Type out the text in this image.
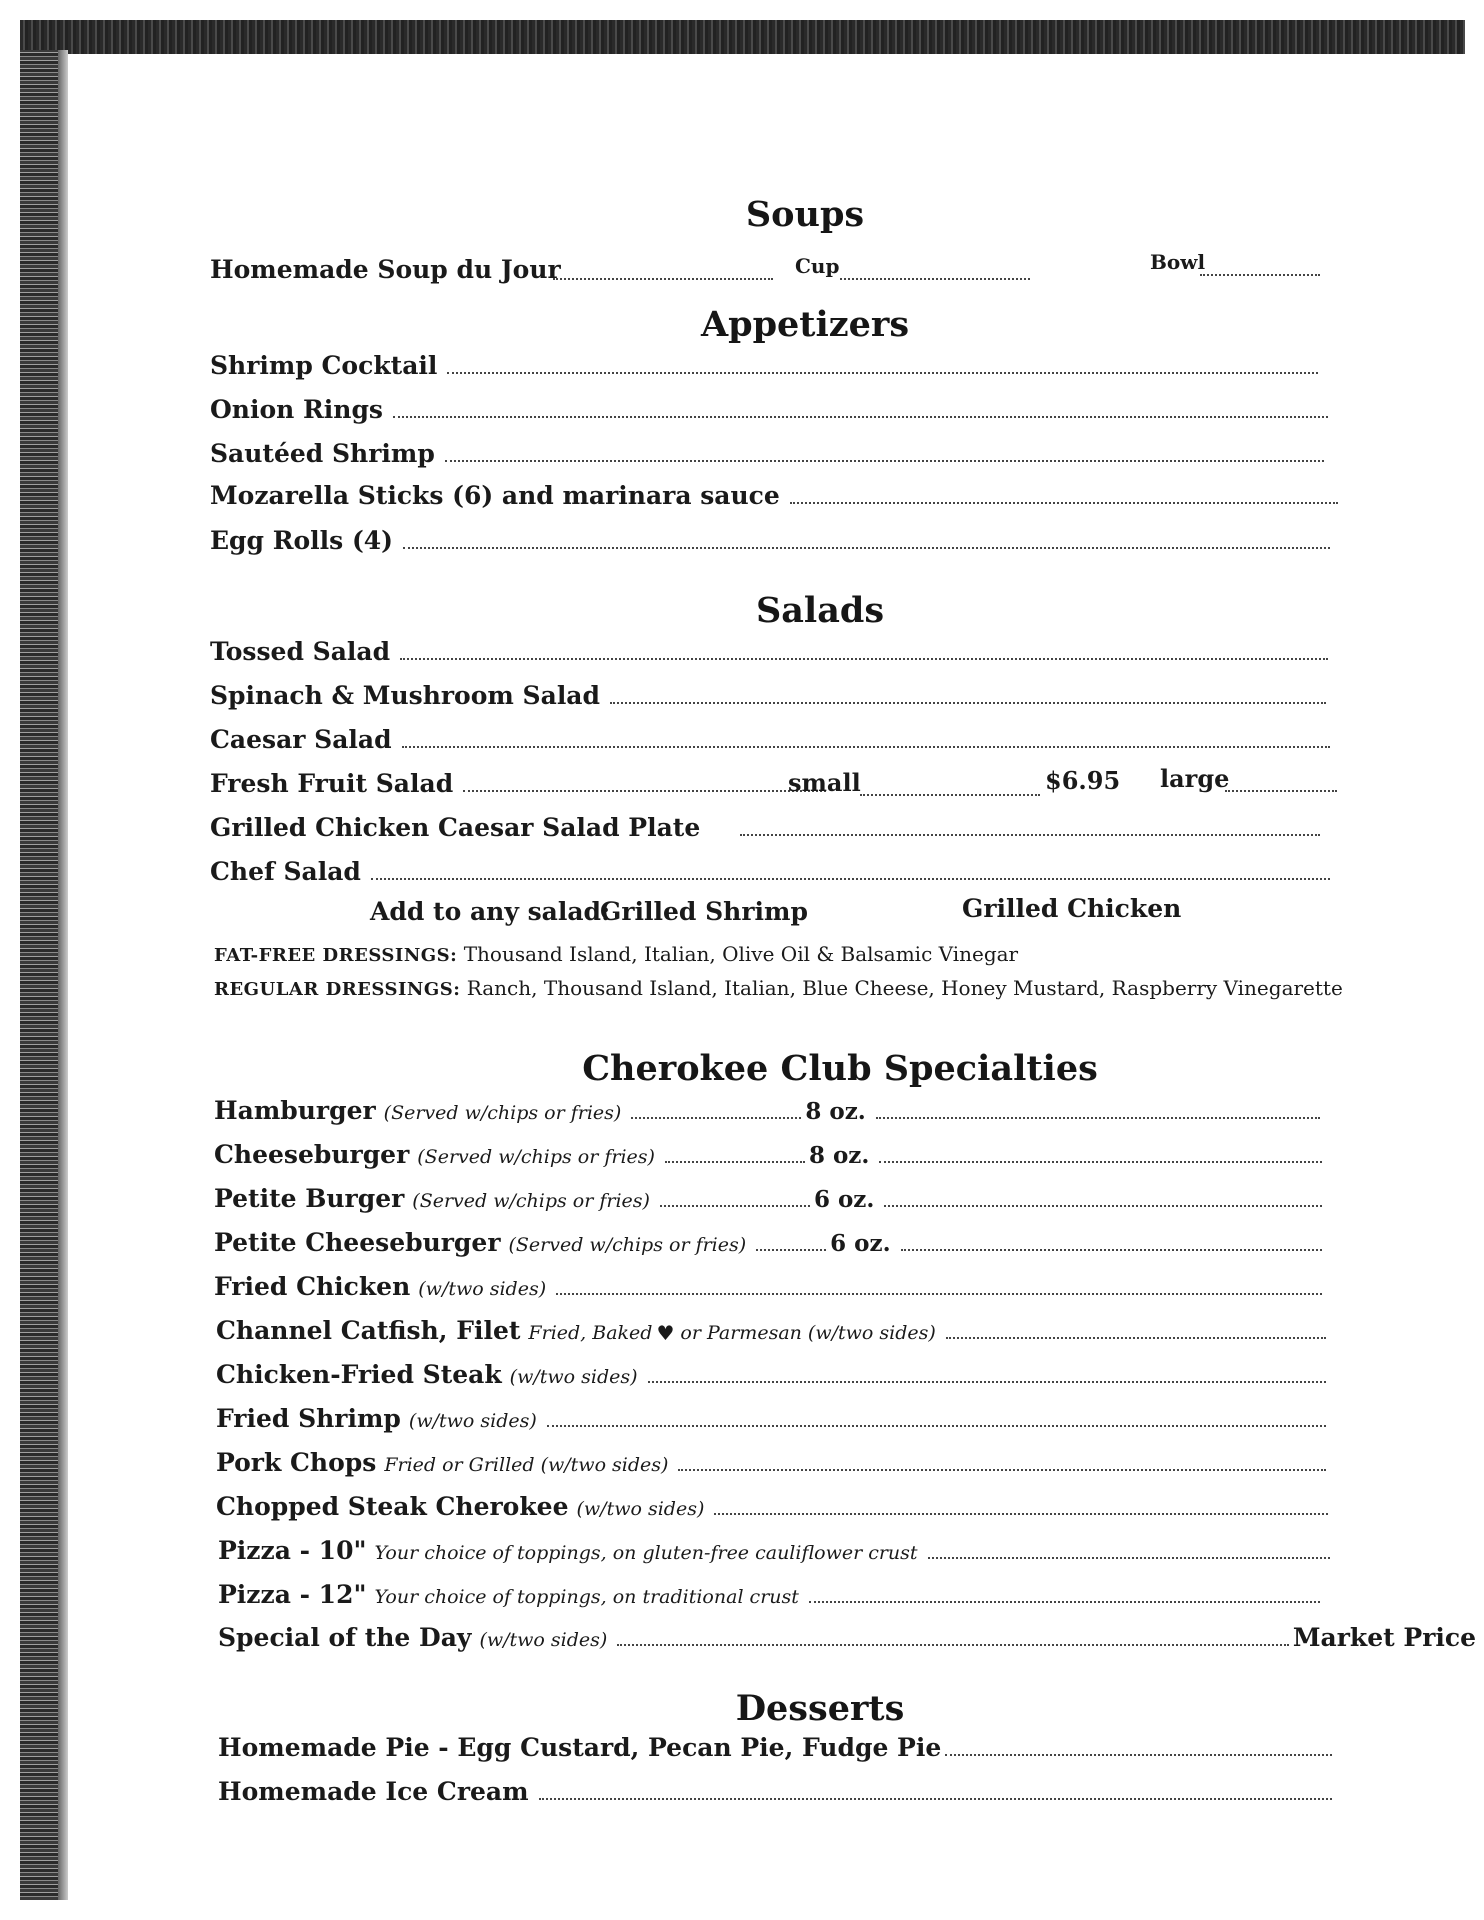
Soups
Homemade Soup du Jour	Cup	Bowl
Appetizers
Shrimp Cocktail
Onion Rings
Sautéed Shrimp
Mozarella Sticks (6) and marinara sauce
Egg Rolls (4)
Salads
Tossed Salad
Spinach & Mushroom Salad
Caesar Salad
Fresh Fruit Salad	small	$6.95 large
Grilled Chicken Caesar Salad Plate
Chef Salad
Add to any salad:
Grilled Shrimp	Grilled Chicken
FAT-FREE DRESSINGS: Thousand Island, Italian, Olive Oil & Balsamic Vinegar
REGULAR DRESSINGS: Ranch, Thousand Island, Italian, Blue Cheese, Honey Mustard, Raspberry Vinegarette
Cherokee Club Specialties
Hamburger (Served w/chips or fries)	8 oz.
Cheeseburger (Served w/chips or fries)	8 oz.
Petite Burger (Served w/chips or fries)	6 oz.
Petite Cheeseburger (Served w/chips or fries)	6 oz.
Fried Chicken (w/two sides)
Channel Catfish, Filet Fried, Baked ♥ or Parmesan (w/two sides)
Chicken-Fried Steak (w/two sides)
Fried Shrimp (w/two sides)
Pork Chops Fried or Grilled (w/two sides)
Chopped Steak Cherokee (w/two sides)
Pizza - 10" Your choice of toppings, on gluten-free cauliflower crust
Pizza - 12" Your choice of toppings, on traditional crust
Special of the Day (w/two sides)	Market Price
Desserts
Homemade Pie - Egg Custard, Pecan Pie, Fudge Pie
Homemade Ice Cream
